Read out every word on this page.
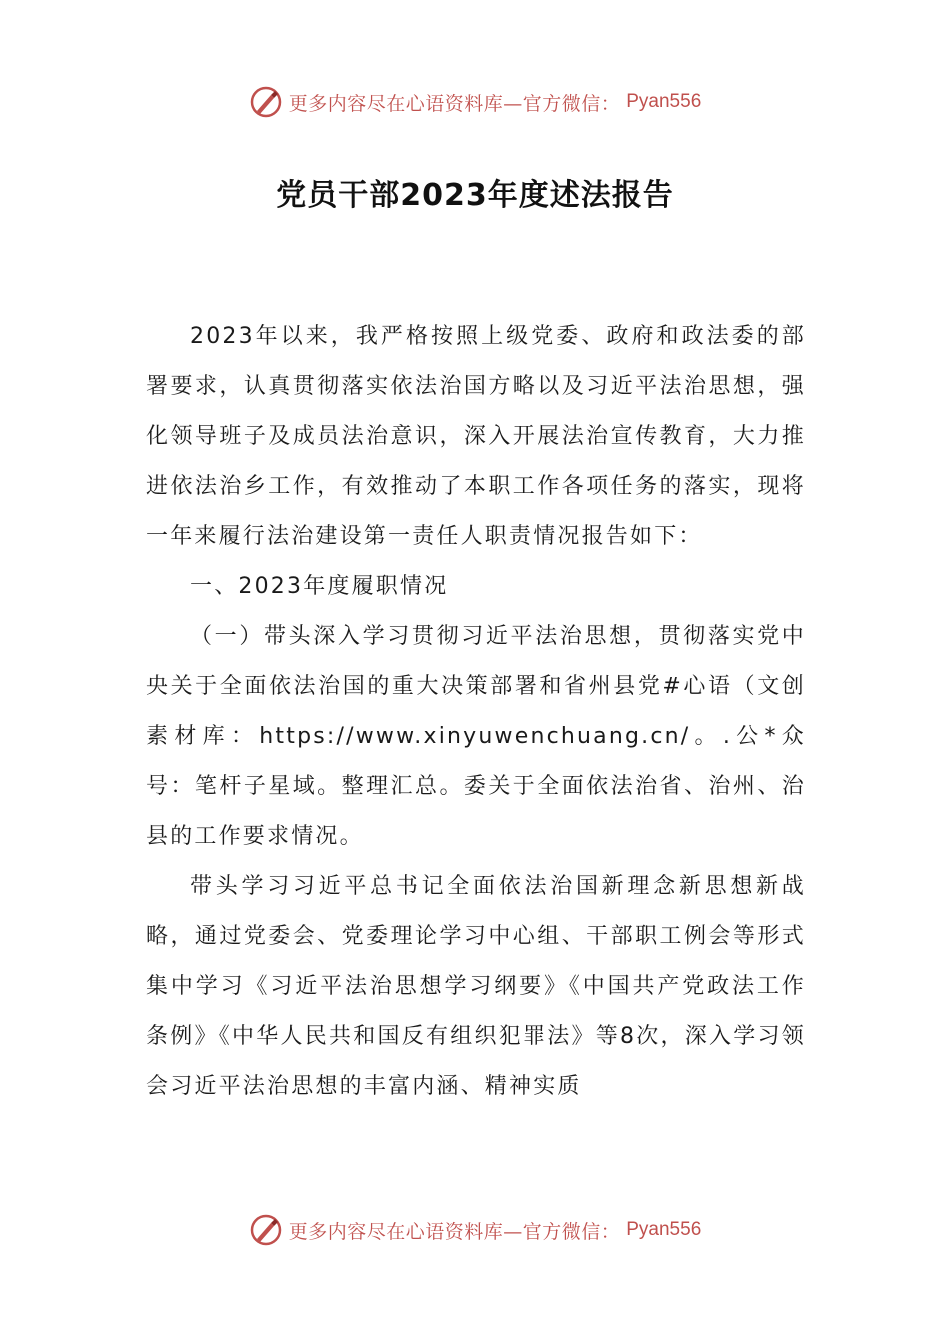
更多内容尽在心语资料库—官方微信： Pyan556
党员干部2023年度述法报告

2023年以来，我严格按照上级党委、政府和政法委的部署要求，认真贯彻落实依法治国方略以及习近平法治思想，强化领导班子及成员法治意识，深入开展法治宣传教育，大力推进依法治乡工作，有效推动了本职工作各项任务的落实，现将一年来履行法治建设第一责任人职责情况报告如下：

一、2023年度履职情况

（一）带头深入学习贯彻习近平法治思想，贯彻落实党中央关于全面依法治国的重大决策部署和省州县党#心语（文创素材库：https://www.xinyuwenchuang.cn/。.公*众号：笔杆子星域。整理汇总。委关于全面依法治省、治州、治县的工作要求情况。

带头学习习近平总书记全面依法治国新理念新思想新战略，通过党委会、党委理论学习中心组、干部职工例会等形式集中学习《习近平法治思想学习纲要》《中国共产党政法工作条例》《中华人民共和国反有组织犯罪法》等8次，深入学习领会习近平法治思想的丰富内涵、精神实质

更多内容尽在心语资料库—官方微信： Pyan556
